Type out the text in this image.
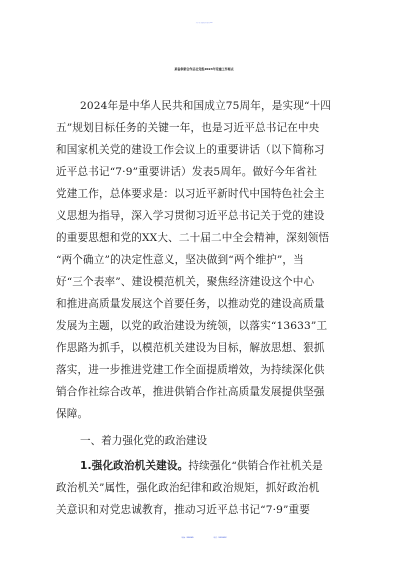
某省供销合作总社党组2024年党建工作要点
2024年是中华人民共和国成立75周年，是实现“十四
五”规划目标任务的关键一年，也是习近平总书记在中央
和国家机关党的建设工作会议上的重要讲话（以下简称习
近平总书记“7·9”重要讲话）发表5周年。做好今年省社
党建工作，总体要求是：以习近平新时代中国特色社会主
义思想为指导，深入学习贯彻习近平总书记关于党的建设
的重要思想和党的XX大、二十届二中全会精神，深刻领悟
“两个确立”的决定性意义，坚决做到“两个维护”，当
好“三个表率”、建设模范机关，聚焦经济建设这个中心
和推进高质量发展这个首要任务，以推动党的建设高质量
发展为主题，以党的政治建设为统领，以落实“13633”工
作思路为抓手，以模范机关建设为目标，解放思想、狠抓
落实，进一步推进党建工作全面提质增效，为持续深化供
销合作社综合改革，推进供销合作社高质量发展提供坚强
保障。
一、着力强化党的政治建设
1.强化政治机关建设。持续强化“供销合作社机关是
政治机关”属性，强化政治纪律和政治规矩，抓好政治机
关意识和对党忠诚教育，推动习近平总书记“7·9”重要
QQ群：30265665	QQ号：535304092
